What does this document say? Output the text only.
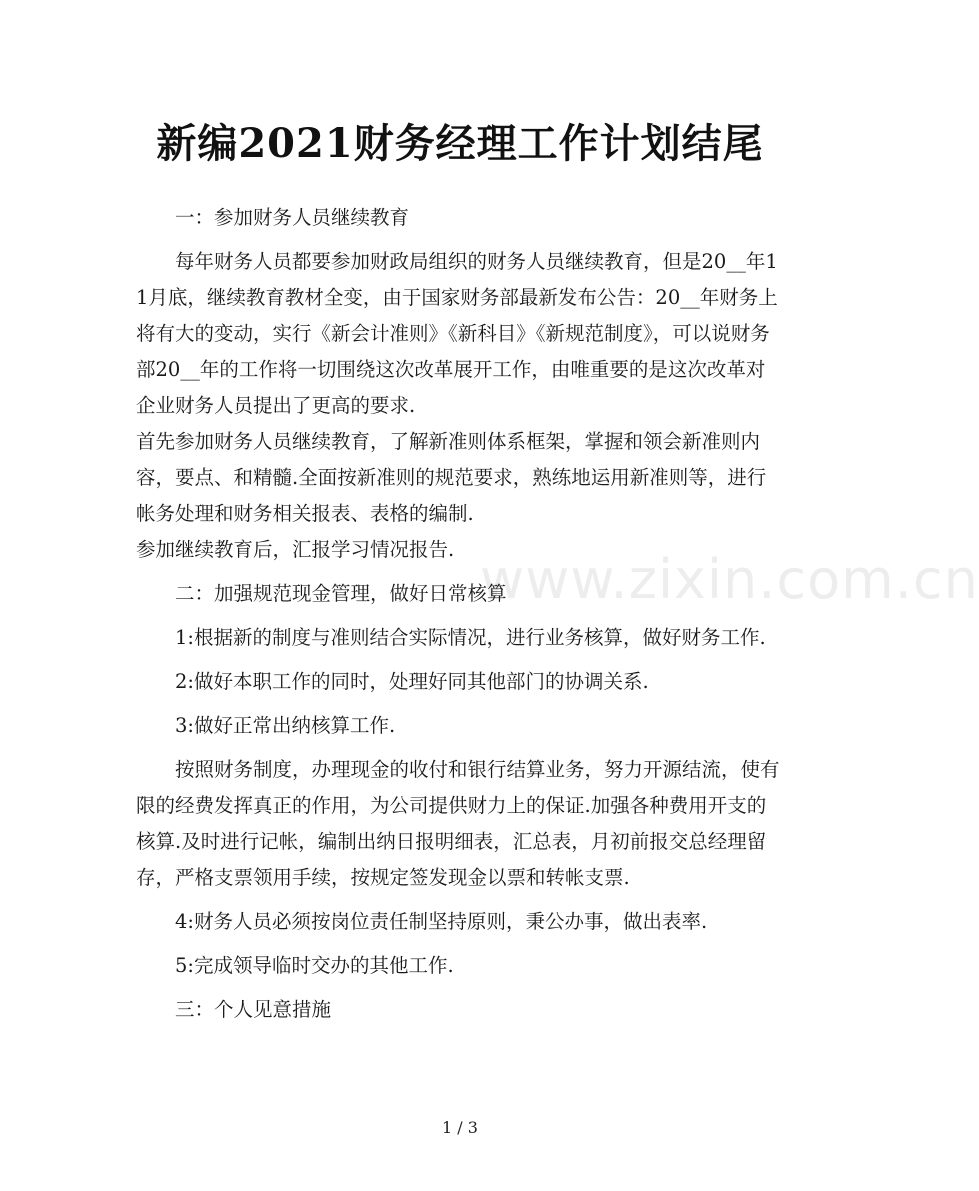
新编2021财务经理工作计划结尾

一：参加财务人员继续教育

每年财务人员都要参加财政局组织的财务人员继续教育，但是20__年11月底，继续教育教材全变，由于国家财务部最新发布公告：20__年财务上将有大的变动，实行《新会计准则》《新科目》《新规范制度》，可以说财务部20__年的工作将一切围绕这次改革展开工作，由唯重要的是这次改革对企业财务人员提出了更高的要求.

首先参加财务人员继续教育，了解新准则体系框架，掌握和领会新准则内容，要点、和精髓.全面按新准则的规范要求，熟练地运用新准则等，进行帐务处理和财务相关报表、表格的编制.

参加继续教育后，汇报学习情况报告.

二：加强规范现金管理，做好日常核算

1:根据新的制度与准则结合实际情况，进行业务核算，做好财务工作.

2:做好本职工作的同时，处理好同其他部门的协调关系.

3:做好正常出纳核算工作.

按照财务制度，办理现金的收付和银行结算业务，努力开源结流，使有限的经费发挥真正的作用，为公司提供财力上的保证.加强各种费用开支的核算.及时进行记帐，编制出纳日报明细表，汇总表，月初前报交总经理留存，严格支票领用手续，按规定签发现金以票和转帐支票.

4:财务人员必须按岗位责任制坚持原则，秉公办事，做出表率.

5:完成领导临时交办的其他工作.

三：个人见意措施

www.zixin.com.cn
1 / 3
